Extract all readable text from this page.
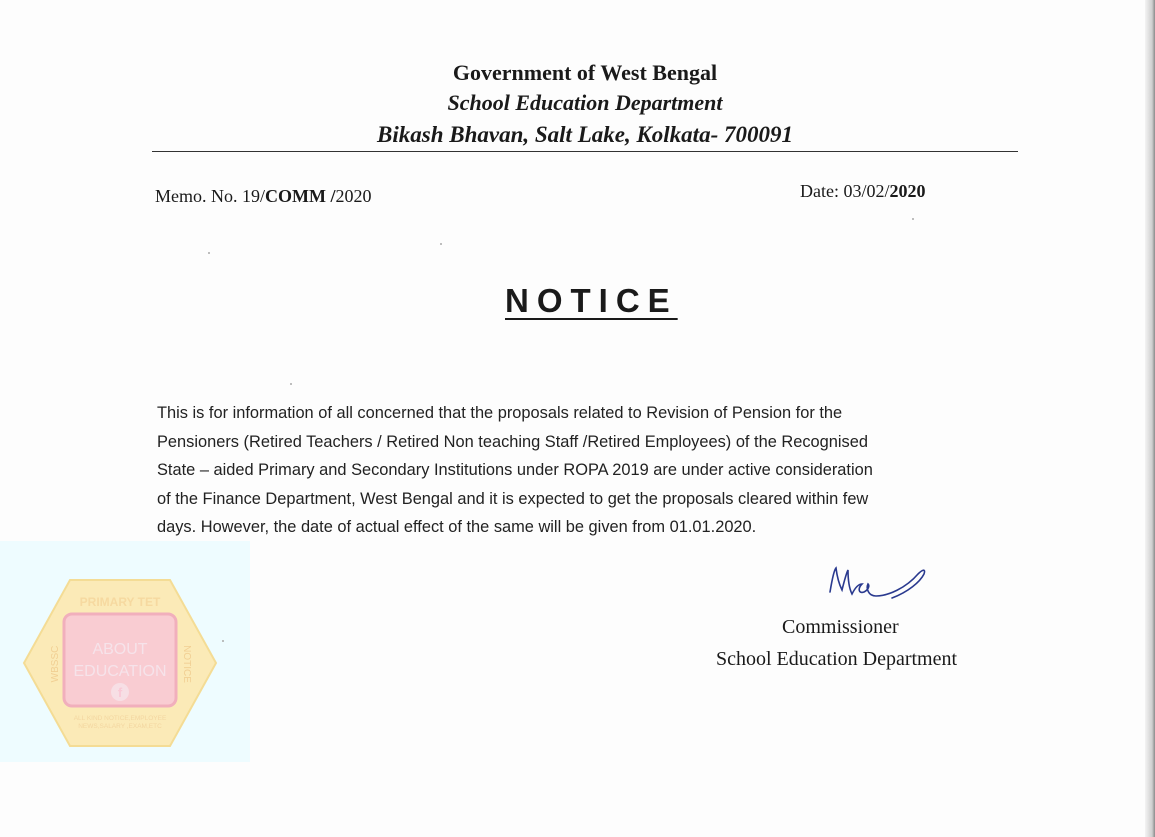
Government of West Bengal
School Education Department
Bikash Bhavan, Salt Lake, Kolkata- 700091
Memo. No. 19/COMM /2020	Date: 03/02/2020
NOTICE
This is for information of all concerned that the proposals related to Revision of Pension for the
Pensioners (Retired Teachers / Retired Non teaching Staff /Retired Employees) of the Recognised
State – aided Primary and Secondary Institutions under ROPA 2019 are under active consideration
of the Finance Department, West Bengal and it is expected to get the proposals cleared within few
days. However, the date of actual effect of the same will be given from 01.01.2020.
Commissioner
School Education Department
PRIMARY TET
WBSSC	NOTICE
ABOUT
EDUCATION
f
ALL KIND NOTICE,EMPLOYEE
NEWS,SALARY ,EXAM,ETC
